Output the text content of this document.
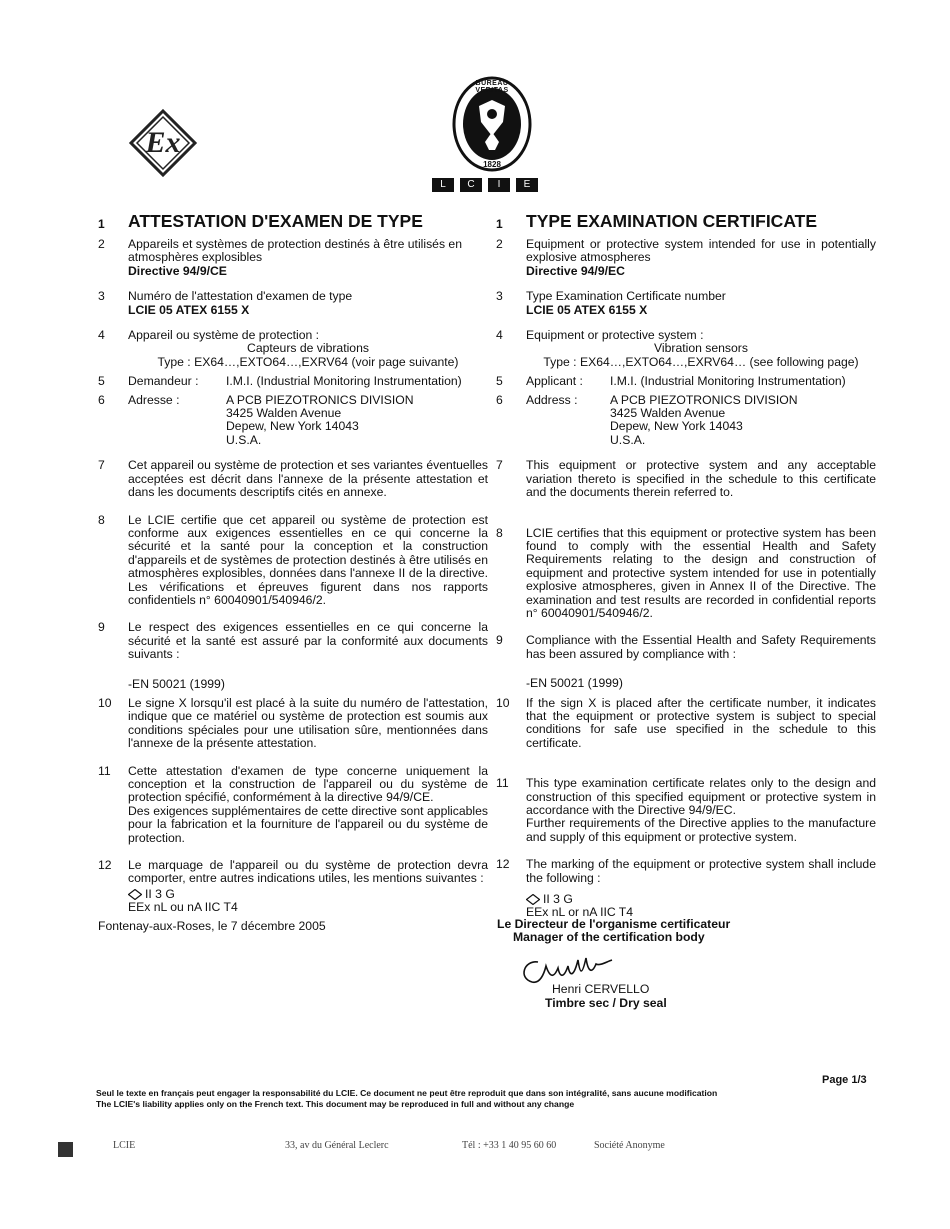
Ex
BUREAU VERITAS
1828
L	C	I	E
1	ATTESTATION D'EXAMEN DE TYPE
2	Appareils et systèmes de protection destinés à être utilisés en atmosphères explosibles
Directive 94/9/CE
3	Numéro de l'attestation d'examen de type
LCIE 05 ATEX 6155 X
4	Appareil ou système de protection :
Capteurs de vibrations
Type : EX64…,EXTO64…,EXRV64 (voir page suivante)
5	Demandeur :	I.M.I. (Industrial Monitoring Instrumentation)
6	Adresse :	A PCB PIEZOTRONICS DIVISION
3425 Walden Avenue
Depew, New York 14043
U.S.A.
7	Cet appareil ou système de protection et ses variantes éventuelles acceptées est décrit dans l'annexe de la présente attestation et dans les documents descriptifs cités en annexe.
8	Le LCIE certifie que cet appareil ou système de protection est conforme aux exigences essentielles en ce qui concerne la sécurité et la santé pour la conception et la construction d'appareils et de systèmes de protection destinés à être utilisés en atmosphères explosibles, données dans l'annexe II de la directive. Les vérifications et épreuves figurent dans nos rapports confidentiels n° 60040901/540946/2.
9	Le respect des exigences essentielles en ce qui concerne la sécurité et la santé est assuré par la conformité aux documents suivants :
-EN 50021 (1999)
10	Le signe X lorsqu'il est placé à la suite du numéro de l'attestation, indique que ce matériel ou système de protection est soumis aux conditions spéciales pour une utilisation sûre, mentionnées dans l'annexe de la présente attestation.
11	Cette attestation d'examen de type concerne uniquement la conception et la construction de l'appareil ou du système de protection spécifié, conformément à la directive 94/9/CE.
Des exigences supplémentaires de cette directive sont applicables pour la fabrication et la fourniture de l'appareil ou du système de protection.
12	Le marquage de l'appareil ou du système de protection devra comporter, entre autres indications utiles, les mentions suivantes :
II 3 G
EEx nL ou nA IIC T4
Fontenay-aux-Roses, le 7 décembre 2005
1	TYPE EXAMINATION CERTIFICATE
2	Equipment or protective system intended for use in potentially explosive atmospheres
Directive 94/9/EC
3	Type Examination Certificate number
LCIE 05 ATEX 6155 X
4	Equipment or protective system :
Vibration sensors
Type : EX64…,EXTO64…,EXRV64… (see following page)
5	Applicant :	I.M.I. (Industrial Monitoring Instrumentation)
6	Address :	A PCB PIEZOTRONICS DIVISION
3425 Walden Avenue
Depew, New York 14043
U.S.A.
7	This equipment or protective system and any acceptable variation thereto is specified in the schedule to this certificate and the documents therein referred to.
8	LCIE certifies that this equipment or protective system has been found to comply with the essential Health and Safety Requirements relating to the design and construction of equipment and protective system intended for use in potentially explosive atmospheres, given in Annex II of the Directive. The examination and test results are recorded in confidential reports n° 60040901/540946/2.
9	Compliance with the Essential Health and Safety Requirements has been assured by compliance with :
-EN 50021 (1999)
10	If the sign X is placed after the certificate number, it indicates that the equipment or protective system is subject to special conditions for safe use specified in the schedule to this certificate.
11	This type examination certificate relates only to the design and construction of this specified equipment or protective system in accordance with the Directive 94/9/EC.
Further requirements of the Directive applies to the manufacture and supply of this equipment or protective system.
12	The marking of the equipment or protective system shall include the following :
II 3 G
EEx nL or nA IIC T4
Le Directeur de l'organisme certificateur
Manager of the certification body
Henri CERVELLO
Timbre sec / Dry seal
Page 1/3
Seul le texte en français peut engager la responsabilité du LCIE. Ce document ne peut être reproduit que dans son intégralité, sans aucune modification
The LCIE's liability applies only on the French text. This document may be reproduced in full and without any change
LCIE	33, av du Général Leclerc	Tél : +33 1 40 95 60 60	Société Anonyme
